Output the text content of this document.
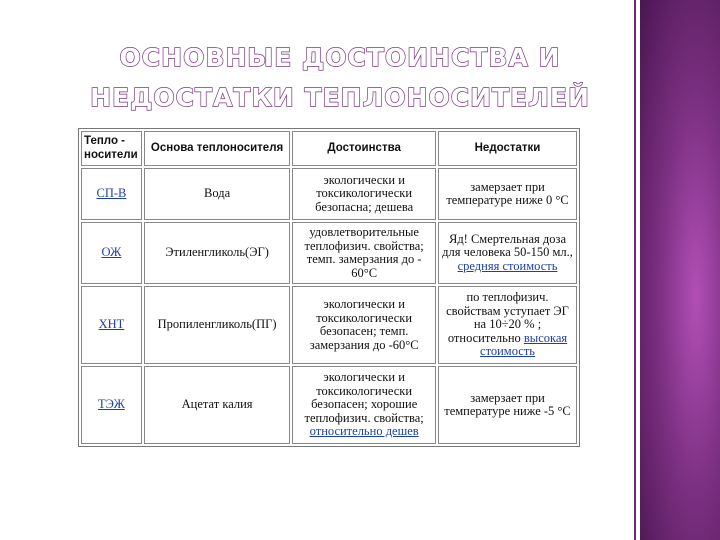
ОСНОВНЫЕ ДОСТОИНСТВА И
НЕДОСТАТКИ ТЕПЛОНОСИТЕЛЕЙ
Тепло - носители	Основа теплоносителя	Достоинства	Недостатки
СП-В	Вода	экологически и токсикологически безопасна; дешева	замерзает при температуре ниже 0 °C
ОЖ	Этиленгликоль(ЭГ)	удовлетворительные теплофизич. свойства; темп. замерзания до - 60°C	Яд! Смертельная доза для человека 50-150 мл., средняя стоимость
ХНТ	Пропиленгликоль(ПГ)	экологически и токсикологически безопасен; темп. замерзания до -60°C	по теплофизич. свойствам уступает ЭГ на 10÷20 % ; относительно высокая стоимость
ТЭЖ	Ацетат калия	экологически и токсикологически безопасен; хорошие теплофизич. свойства; относительно дешев	замерзает при температуре ниже -5 °C
